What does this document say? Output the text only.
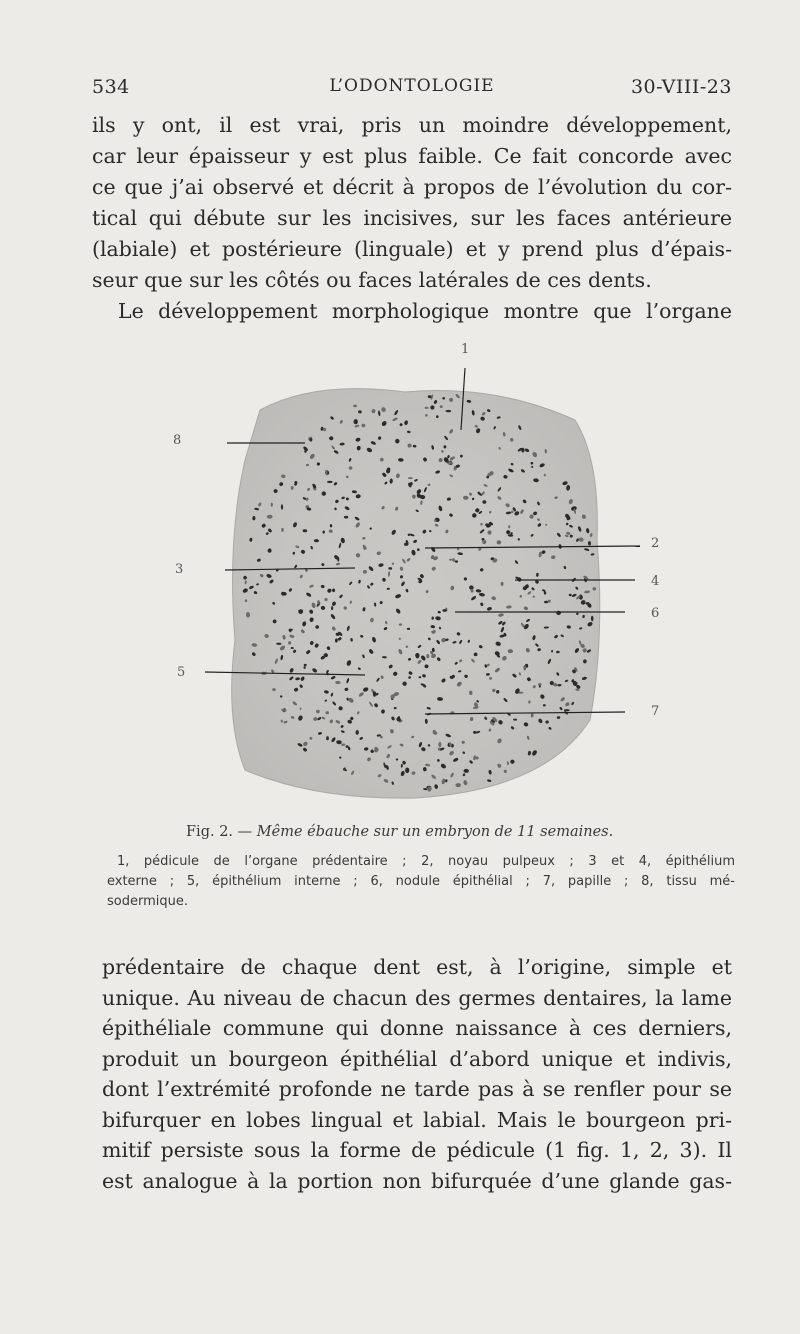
534	L’ODONTOLOGIE	30-VIII-23
ils y ont, il est vrai, pris un moindre développement,
car leur épaisseur y est plus faible. Ce fait concorde avec
ce que j’ai observé et décrit à propos de l’évolution du cor-
tical qui débute sur les incisives, sur les faces antérieure
(labiale) et postérieure (linguale) et y prend plus d’épais-
seur que sur les côtés ou faces latérales de ces dents.
Le développement morphologique montre que l’organe
1
8
2
3
4
6
5
7
Fig. 2. — Même ébauche sur un embryon de 11 semaines.
1, pédicule de l’organe prédentaire ; 2, noyau pulpeux ; 3 et 4, épithélium
externe ; 5, épithélium interne ; 6, nodule épithélial ; 7, papille ; 8, tissu mé-
sodermique.
prédentaire de chaque dent est, à l’origine, simple et
unique. Au niveau de chacun des germes dentaires, la lame
épithéliale commune qui donne naissance à ces derniers,
produit un bourgeon épithélial d’abord unique et indivis,
dont l’extrémité profonde ne tarde pas à se renfler pour se
bifurquer en lobes lingual et labial. Mais le bourgeon pri-
mitif persiste sous la forme de pédicule (1 fig. 1, 2, 3). Il
est analogue à la portion non bifurquée d’une glande gas-
